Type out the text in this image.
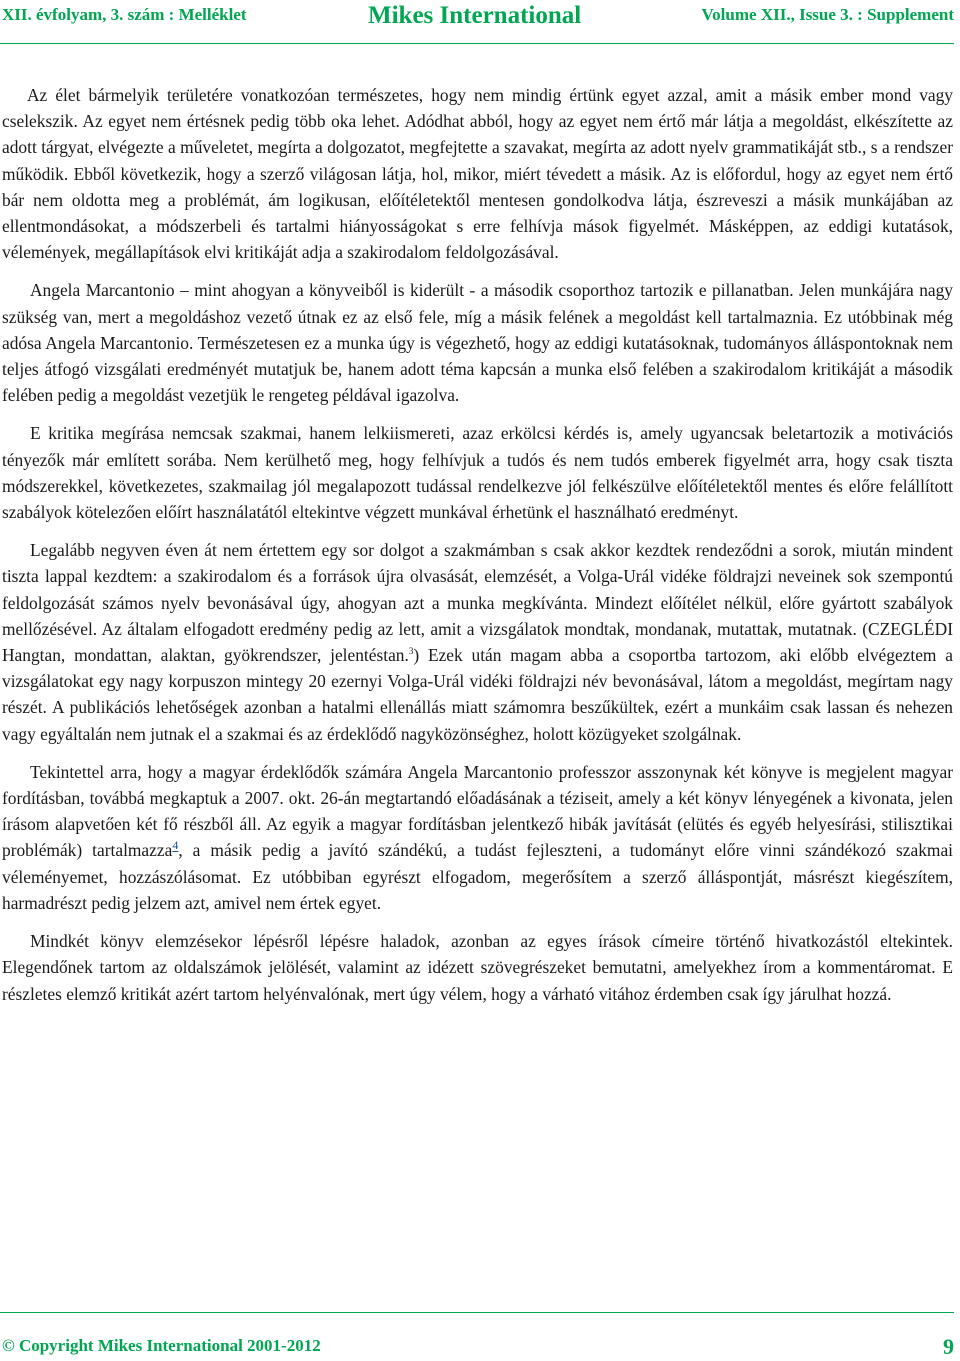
XII. évfolyam, 3. szám : Melléklet	Mikes International	Volume XII., Issue 3. : Supplement

Az élet bármelyik területére vonatkozóan természetes, hogy nem mindig értünk egyet azzal, amit a másik ember mond vagy cselekszik. Az egyet nem értésnek pedig több oka lehet. Adódhat abból, hogy az egyet nem értő már látja a megoldást, elkészítette az adott tárgyat, elvégezte a műveletet, megírta a dolgozatot, megfejtette a szavakat, megírta az adott nyelv grammatikáját stb., s a rendszer működik. Ebből következik, hogy a szerző világosan látja, hol, mikor, miért tévedett a másik. Az is előfordul, hogy az egyet nem értő bár nem oldotta meg a problémát, ám logikusan, előítéletektől mentesen gondolkodva látja, észreveszi a másik munkájában az ellentmondásokat, a módszerbeli és tartalmi hiányosságokat s erre felhívja mások figyelmét. Másképpen, az eddigi kutatások, vélemények, megállapítások elvi kritikáját adja a szakirodalom feldolgozásával.

Angela Marcantonio – mint ahogyan a könyveiből is kiderült - a második csoporthoz tartozik e pillanatban. Jelen munkájára nagy szükség van, mert a megoldáshoz vezető útnak ez az első fele, míg a másik felének a megoldást kell tartalmaznia. Ez utóbbinak még adósa Angela Marcantonio. Természetesen ez a munka úgy is végezhető, hogy az eddigi kutatásoknak, tudományos álláspontoknak nem teljes átfogó vizsgálati eredményét mutatjuk be, hanem adott téma kapcsán a munka első felében a szakirodalom kritikáját a második felében pedig a megoldást vezetjük le rengeteg példával igazolva.

E kritika megírása nemcsak szakmai, hanem lelkiismereti, azaz erkölcsi kérdés is, amely ugyancsak beletartozik a motivációs tényezők már említett sorába. Nem kerülhető meg, hogy felhívjuk a tudós és nem tudós emberek figyelmét arra, hogy csak tiszta módszerekkel, következetes, szakmailag jól megalapozott tudással rendelkezve jól felkészülve előítéletektől mentes és előre felállított szabályok kötelezően előírt használatától eltekintve végzett munkával érhetünk el használható eredményt.

Legalább negyven éven át nem értettem egy sor dolgot a szakmámban s csak akkor kezdtek rendeződni a sorok, miután mindent tiszta lappal kezdtem: a szakirodalom és a források újra olvasását, elemzését, a Volga-Urál vidéke földrajzi neveinek sok szempontú feldolgozását számos nyelv bevonásával úgy, ahogyan azt a munka megkívánta. Mindezt előítélet nélkül, előre gyártott szabályok mellőzésével. Az általam elfogadott eredmény pedig az lett, amit a vizsgálatok mondtak, mondanak, mutattak, mutatnak. (CZEGLÉDI Hangtan, mondattan, alaktan, gyökrendszer, jelentéstan.$^3$) Ezek után magam abba a csoportba tartozom, aki előbb elvégeztem a vizsgálatokat egy nagy korpuszon mintegy 20 ezernyi Volga-Urál vidéki földrajzi név bevonásával, látom a megoldást, megírtam nagy részét. A publikációs lehetőségek azonban a hatalmi ellenállás miatt számomra beszűkültek, ezért a munkáim csak lassan és nehezen vagy egyáltalán nem jutnak el a szakmai és az érdeklődő nagyközönséghez, holott közügyeket szolgálnak.

Tekintettel arra, hogy a magyar érdeklődők számára Angela Marcantonio professzor asszonynak két könyve is megjelent magyar fordításban, továbbá megkaptuk a 2007. okt. 26-án megtartandó előadásának a téziseit, amely a két könyv lényegének a kivonata, jelen írásom alapvetően két fő részből áll. Az egyik a magyar fordításban jelentkező hibák javítását (elütés és egyéb helyesírási, stilisztikai problémák) tartalmazza$^4$, a másik pedig a javító szándékú, a tudást fejleszteni, a tudományt előre vinni szándékozó szakmai véleményemet, hozzászólásomat. Ez utóbbiban egyrészt elfogadom, megerősítem a szerző álláspontját, másrészt kiegészítem, harmadrészt pedig jelzem azt, amivel nem értek egyet.

Mindkét könyv elemzésekor lépésről lépésre haladok, azonban az egyes írások címeire történő hivatkozástól eltekintek. Elegendőnek tartom az oldalszámok jelölését, valamint az idézett szövegrészeket bemutatni, amelyekhez írom a kommentáromat. E részletes elemző kritikát azért tartom helyénvalónak, mert úgy vélem, hogy a várható vitához érdemben csak így járulhat hozzá.

© Copyright Mikes International 2001-2012	9
